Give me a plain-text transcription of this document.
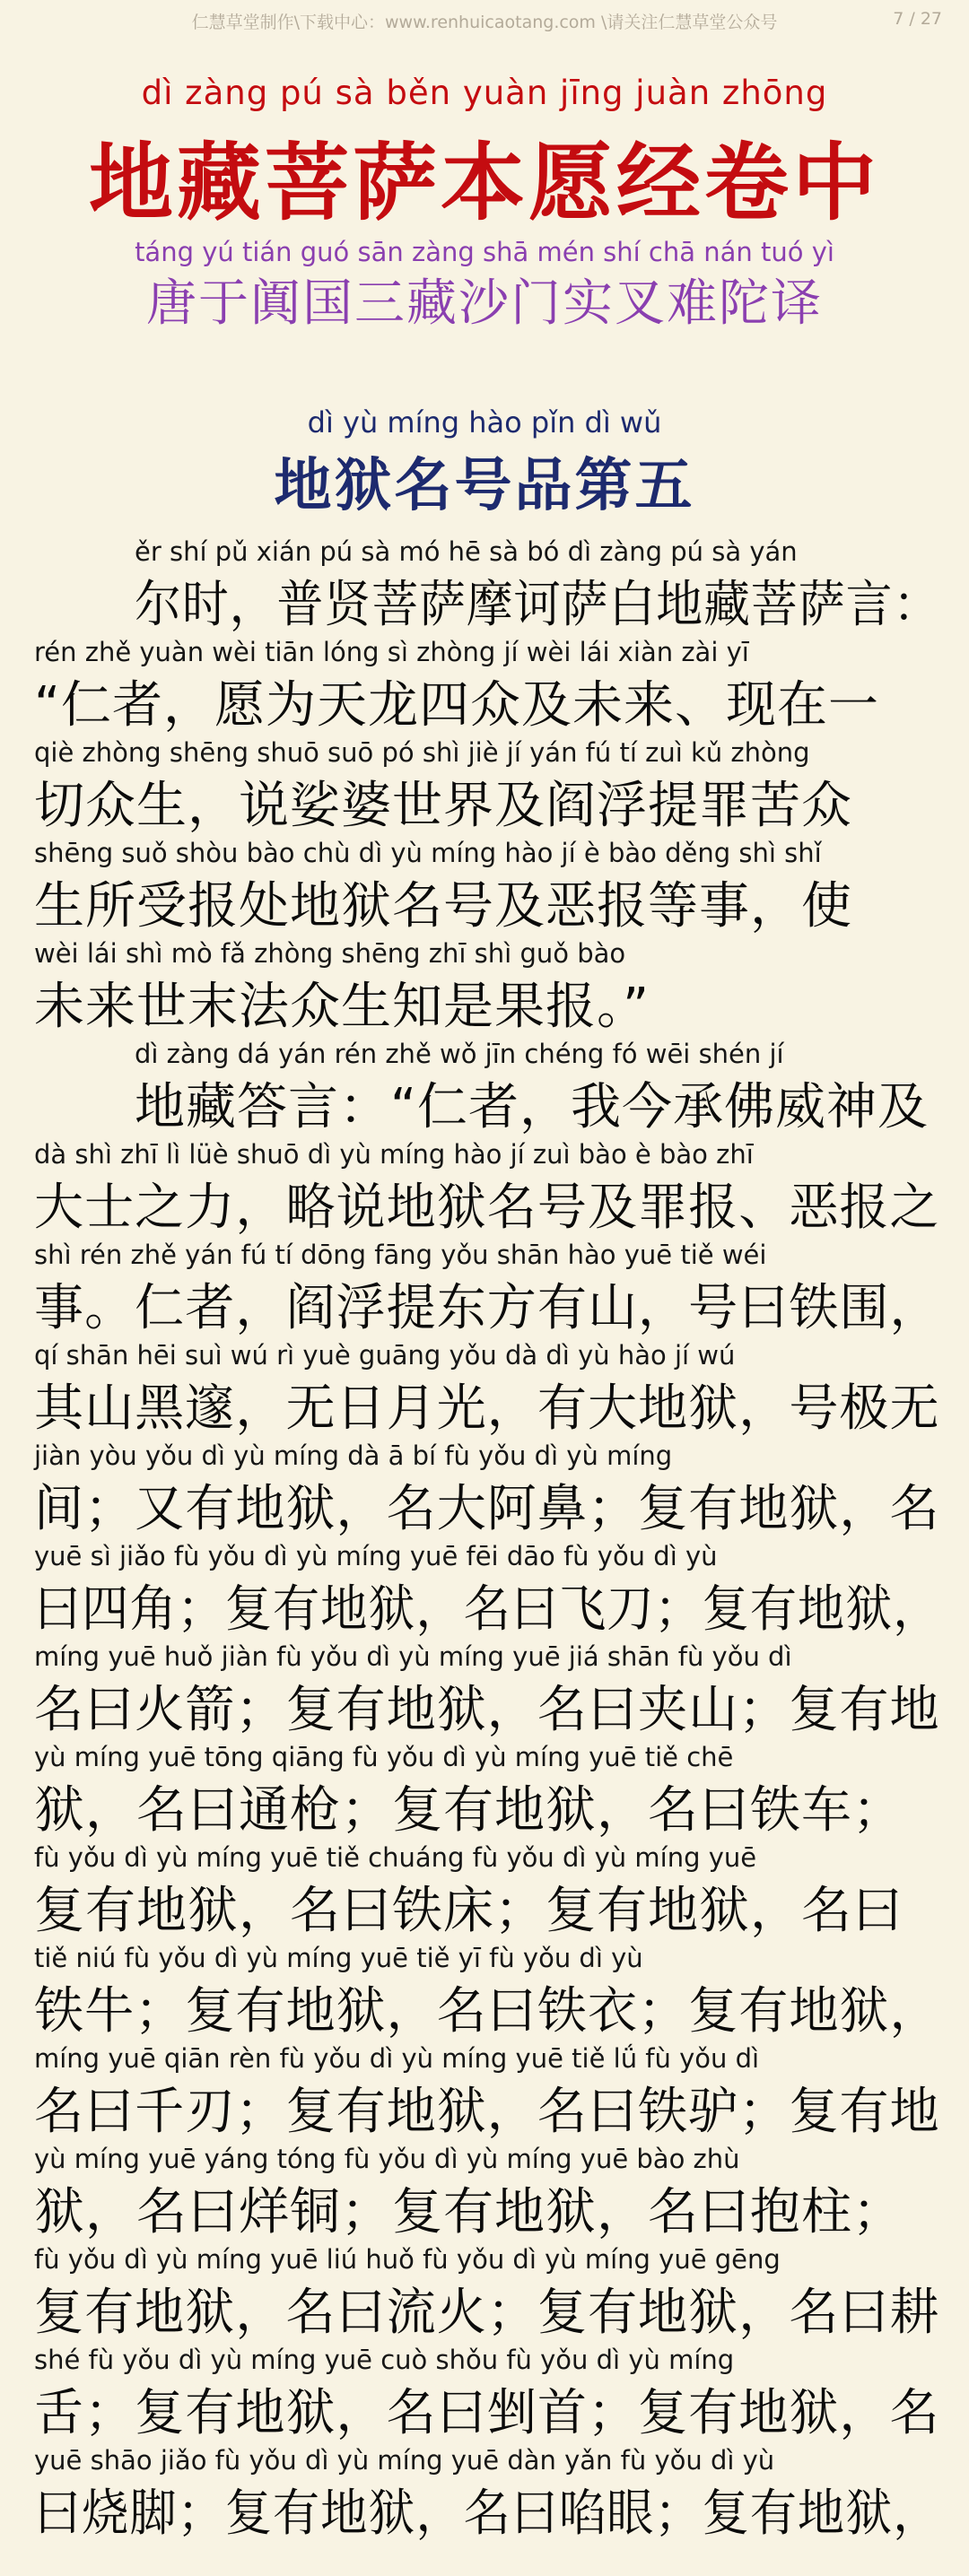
仁慧草堂制作\下载中心：www.renhuicaotang.com \请关注仁慧草堂公众号	7 / 27
dì zàng pú sà běn yuàn jīng juàn zhōng
地藏菩萨本愿经卷中
táng yú tián guó sān zàng shā mén shí chā nán tuó yì
唐于阗国三藏沙门实叉难陀译
dì yù míng hào pǐn dì wǔ
地狱名号品第五
ěr shí pǔ xián pú sà mó hē sà bó dì zàng pú sà yán
尔时，普贤菩萨摩诃萨白地藏菩萨言：
rén zhě yuàn wèi tiān lóng sì zhòng jí wèi lái xiàn zài yī
“仁者，愿为天龙四众及未来、现在一
qiè zhòng shēng shuō suō pó shì jiè jí yán fú tí zuì kǔ zhòng
切众生，说娑婆世界及阎浮提罪苦众
shēng suǒ shòu bào chù dì yù míng hào jí è bào děng shì shǐ
生所受报处地狱名号及恶报等事，使
wèi lái shì mò fǎ zhòng shēng zhī shì guǒ bào
未来世末法众生知是果报。”
dì zàng dá yán rén zhě wǒ jīn chéng fó wēi shén jí
地藏答言：“仁者，我今承佛威神及
dà shì zhī lì lüè shuō dì yù míng hào jí zuì bào è bào zhī
大士之力，略说地狱名号及罪报、恶报之
shì rén zhě yán fú tí dōng fāng yǒu shān hào yuē tiě wéi
事。仁者，阎浮提东方有山，号曰铁围，
qí shān hēi suì wú rì yuè guāng yǒu dà dì yù hào jí wú
其山黑邃，无日月光，有大地狱，号极无
jiàn yòu yǒu dì yù míng dà ā bí fù yǒu dì yù míng
间；又有地狱，名大阿鼻；复有地狱，名
yuē sì jiǎo fù yǒu dì yù míng yuē fēi dāo fù yǒu dì yù
曰四角；复有地狱，名曰飞刀；复有地狱，
míng yuē huǒ jiàn fù yǒu dì yù míng yuē jiá shān fù yǒu dì
名曰火箭；复有地狱，名曰夹山；复有地
yù míng yuē tōng qiāng fù yǒu dì yù míng yuē tiě chē
狱，名曰通枪；复有地狱，名曰铁车；
fù yǒu dì yù míng yuē tiě chuáng fù yǒu dì yù míng yuē
复有地狱，名曰铁床；复有地狱，名曰
tiě niú fù yǒu dì yù míng yuē tiě yī fù yǒu dì yù
铁牛；复有地狱，名曰铁衣；复有地狱，
míng yuē qiān rèn fù yǒu dì yù míng yuē tiě lǘ fù yǒu dì
名曰千刃；复有地狱，名曰铁驴；复有地
yù míng yuē yáng tóng fù yǒu dì yù míng yuē bào zhù
狱，名曰烊铜；复有地狱，名曰抱柱；
fù yǒu dì yù míng yuē liú huǒ fù yǒu dì yù míng yuē gēng
复有地狱，名曰流火；复有地狱，名曰耕
shé fù yǒu dì yù míng yuē cuò shǒu fù yǒu dì yù míng
舌；复有地狱，名曰剉首；复有地狱，名
yuē shāo jiǎo fù yǒu dì yù míng yuē dàn yǎn fù yǒu dì yù
曰烧脚；复有地狱，名曰啗眼；复有地狱，
